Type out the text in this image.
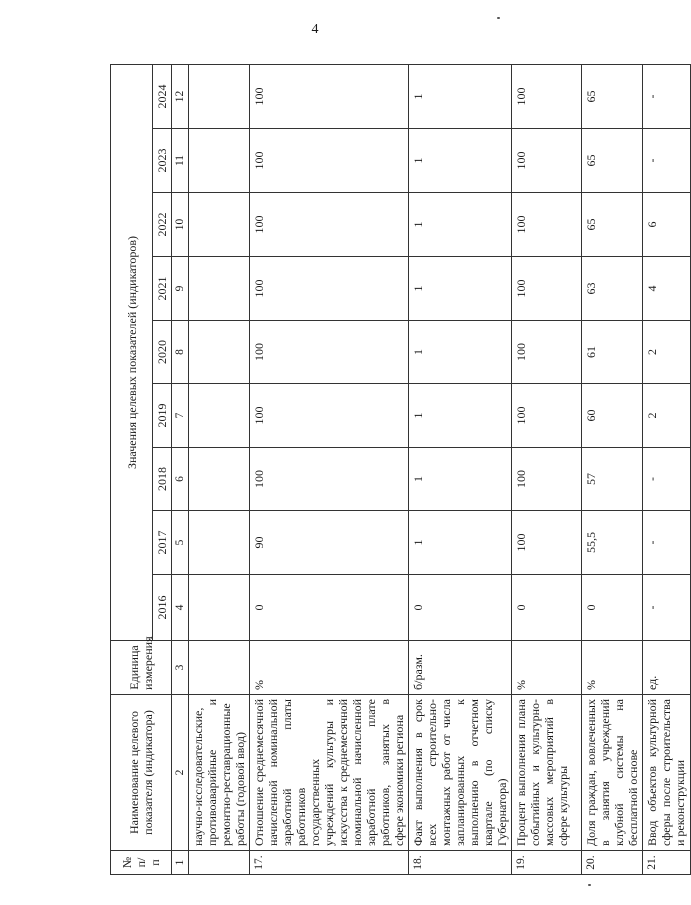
4
№
п/п	Наименование целевого показателя (индикатора)	Единица измерения	Значения целевых показателей (индикаторов)								
			2016	2017	2018	2019	2020	2021	2022	2023	2024
1	2	3	4	5	6	7	8	9	10	11	12
	научно-исследовательские, противоаварийные и ремонтно-реставрационные работы (годовой ввод)										
17.	Отношение среднемесячной начисленной номинальной заработной платы работников государственных учреждений культуры и искусства к среднемесячной номинальной начисленной заработной плате работников, занятых в сфере экономики региона	%	0	90	100	100	100	100	100	100	100
18.	Факт выполнения в срок всех строительно-монтажных работ от числа запланированных к выполнению в отчетном квартале (по списку Губернатора)	б/разм.	0	1	1	1	1	1	1	1	1
19.	Процент выполнения плана событийных и культурно-массовых мероприятий в сфере культуры	%	0	100	100	100	100	100	100	100	100
20.	Доля граждан, вовлеченных в занятия учреждений клубной системы на бесплатной основе	%	0	55,5	57	60	61	63	65	65	65
21.	Ввод объектов культурной сферы после строительства и реконструкции	ед.	-	-	-	2	2	4	6	-	-
